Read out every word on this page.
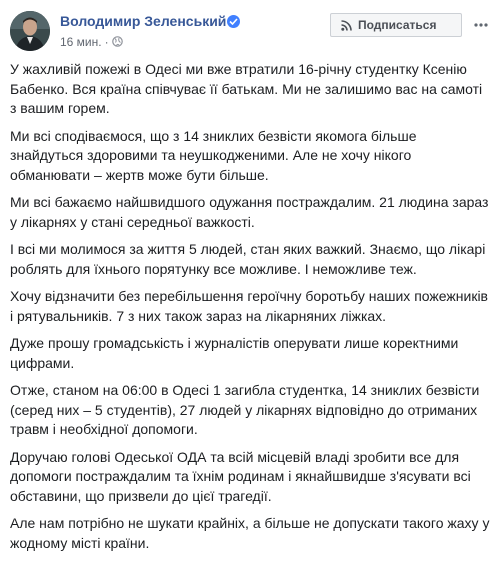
Володимир Зеленський
16 мин. ·
Подписаться

У жахливій пожежі в Одесі ми вже втратили 16-річну студентку Ксенію Бабенко. Вся країна співчуває її батькам. Ми не залишимо вас на самоті з вашим горем.

Ми всі сподіваємося, що з 14 зниклих безвісти якомога більше знайдуться здоровими та неушкодженими. Але не хочу нікого обманювати – жертв може бути більше.

Ми всі бажаємо найшвидшого одужання постраждалим. 21 людина зараз у лікарнях у стані середньої важкості.

І всі ми молимося за життя 5 людей, стан яких важкий. Знаємо, що лікарі роблять для їхнього порятунку все можливе. І неможливе теж.

Хочу відзначити без перебільшення героїчну боротьбу наших пожежників і рятувальників. 7 з них також зараз на лікарняних ліжках.

Дуже прошу громадськість і журналістів оперувати лише коректними цифрами.

Отже, станом на 06:00 в Одесі 1 загибла студентка, 14 зниклих безвісти (серед них – 5 студентів), 27 людей у лікарнях відповідно до отриманих травм і необхідної допомоги.

Доручаю голові Одеської ОДА та всій місцевій владі зробити все для допомоги постраждалим та їхнім родинам і якнайшвидше з'ясувати всі обставини, що призвели до цієї трагедії.

Але нам потрібно не шукати крайніх, а більше не допускати такого жаху у жодному місті країни.
